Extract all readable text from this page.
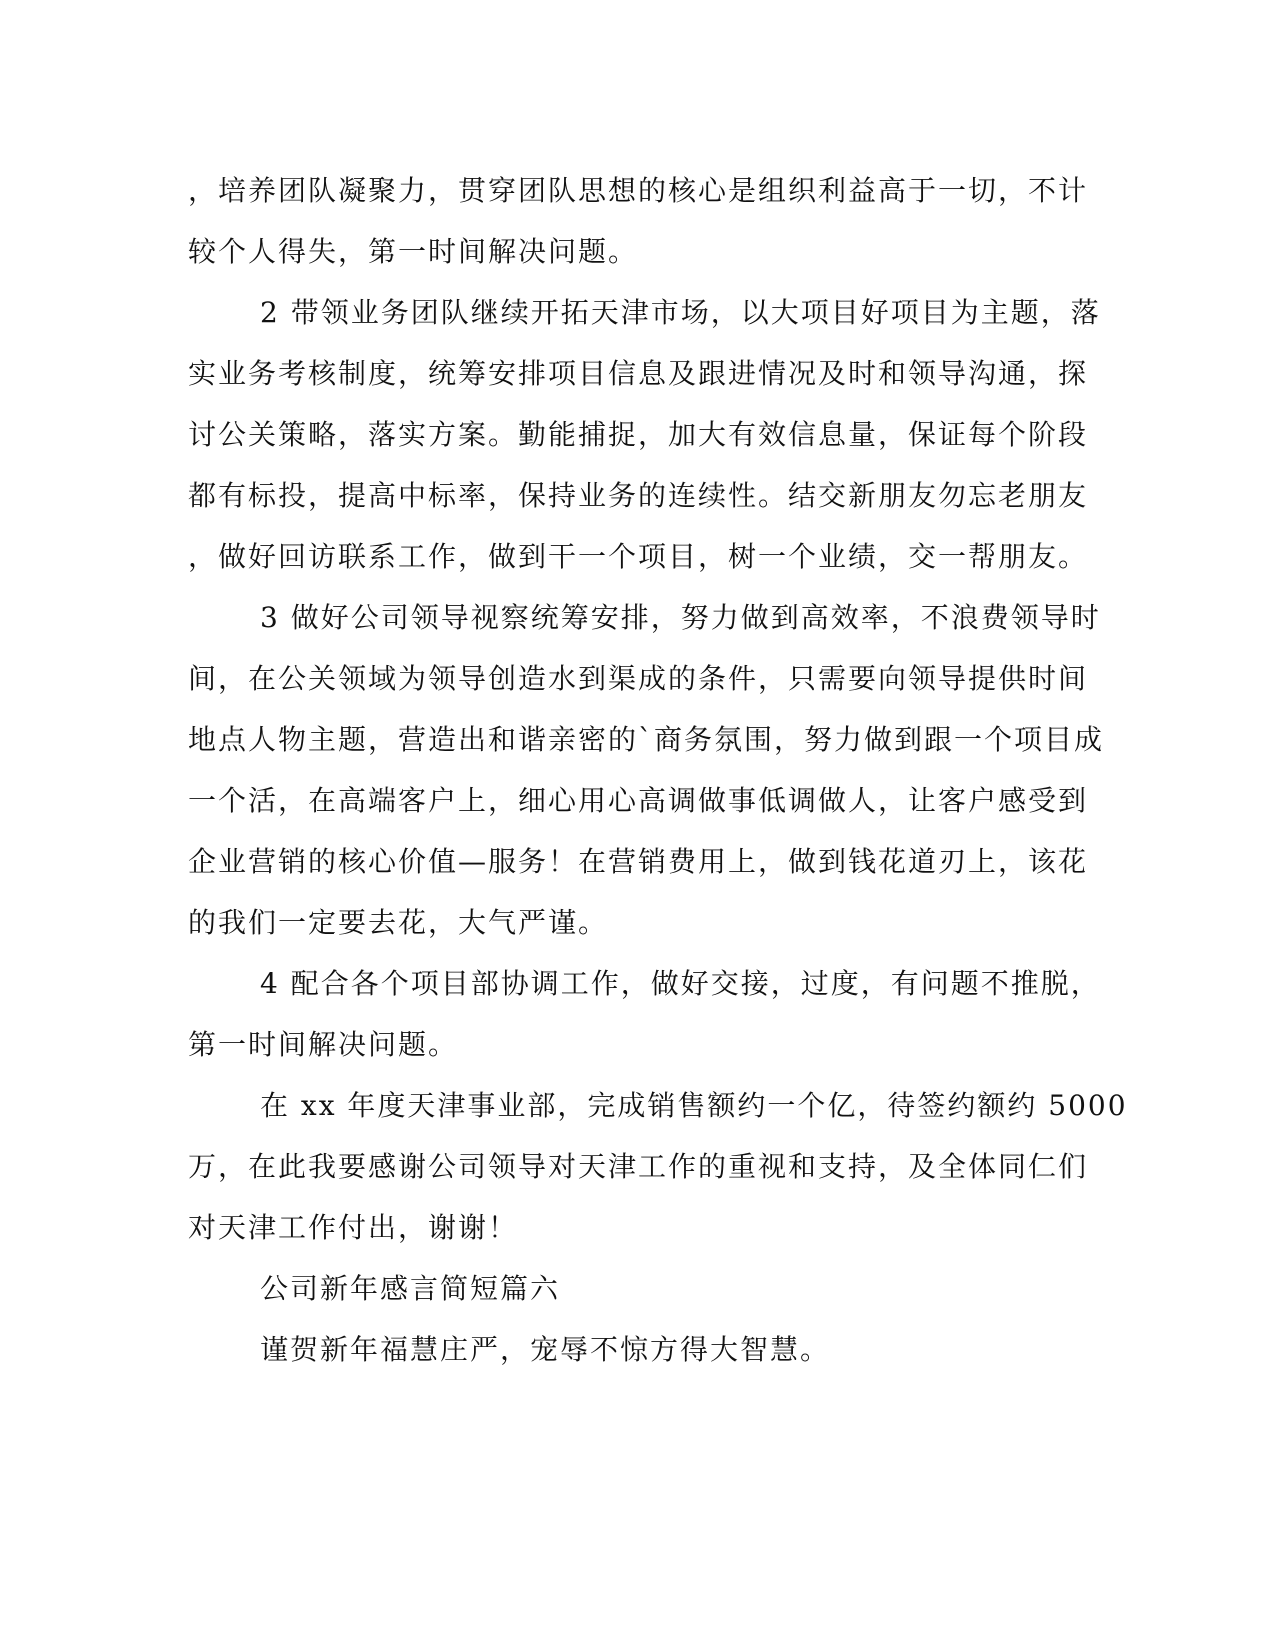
，培养团队凝聚力，贯穿团队思想的核心是组织利益高于一切，不计
较个人得失，第一时间解决问题。
2 带领业务团队继续开拓天津市场，以大项目好项目为主题，落
实业务考核制度，统筹安排项目信息及跟进情况及时和领导沟通，探
讨公关策略，落实方案。勤能捕捉，加大有效信息量，保证每个阶段
都有标投，提高中标率，保持业务的连续性。结交新朋友勿忘老朋友
，做好回访联系工作，做到干一个项目，树一个业绩，交一帮朋友。
3 做好公司领导视察统筹安排，努力做到高效率，不浪费领导时
间，在公关领域为领导创造水到渠成的条件，只需要向领导提供时间
地点人物主题，营造出和谐亲密的`商务氛围，努力做到跟一个项目成
一个活，在高端客户上，细心用心高调做事低调做人，让客户感受到
企业营销的核心价值—服务！在营销费用上，做到钱花道刃上，该花
的我们一定要去花，大气严谨。
4 配合各个项目部协调工作，做好交接，过度，有问题不推脱，
第一时间解决问题。
在 xx 年度天津事业部，完成销售额约一个亿，待签约额约 5000
万，在此我要感谢公司领导对天津工作的重视和支持，及全体同仁们
对天津工作付出，谢谢！
公司新年感言简短篇六
谨贺新年福慧庄严，宠辱不惊方得大智慧。
